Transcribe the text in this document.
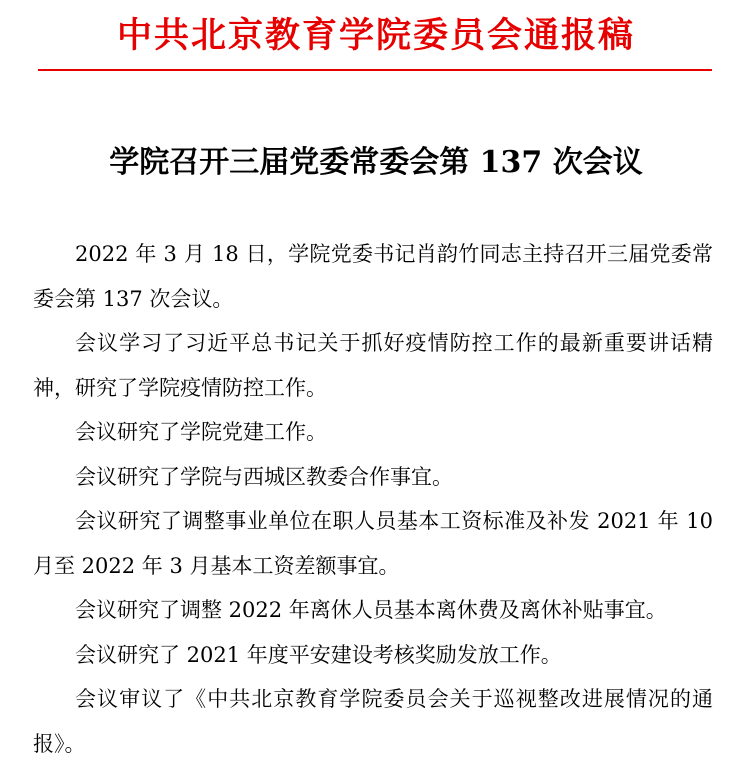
中共北京教育学院委员会通报稿
学院召开三届党委常委会第 137 次会议

2022 年 3 月 18 日，学院党委书记肖韵竹同志主持召开三届党委常委会第 137 次会议。

会议学习了习近平总书记关于抓好疫情防控工作的最新重要讲话精神，研究了学院疫情防控工作。

会议研究了学院党建工作。

会议研究了学院与西城区教委合作事宜。

会议研究了调整事业单位在职人员基本工资标准及补发 2021 年 10 月至 2022 年 3 月基本工资差额事宜。

会议研究了调整 2022 年离休人员基本离休费及离休补贴事宜。

会议研究了 2021 年度平安建设考核奖励发放工作。

会议审议了《中共北京教育学院委员会关于巡视整改进展情况的通报》。
